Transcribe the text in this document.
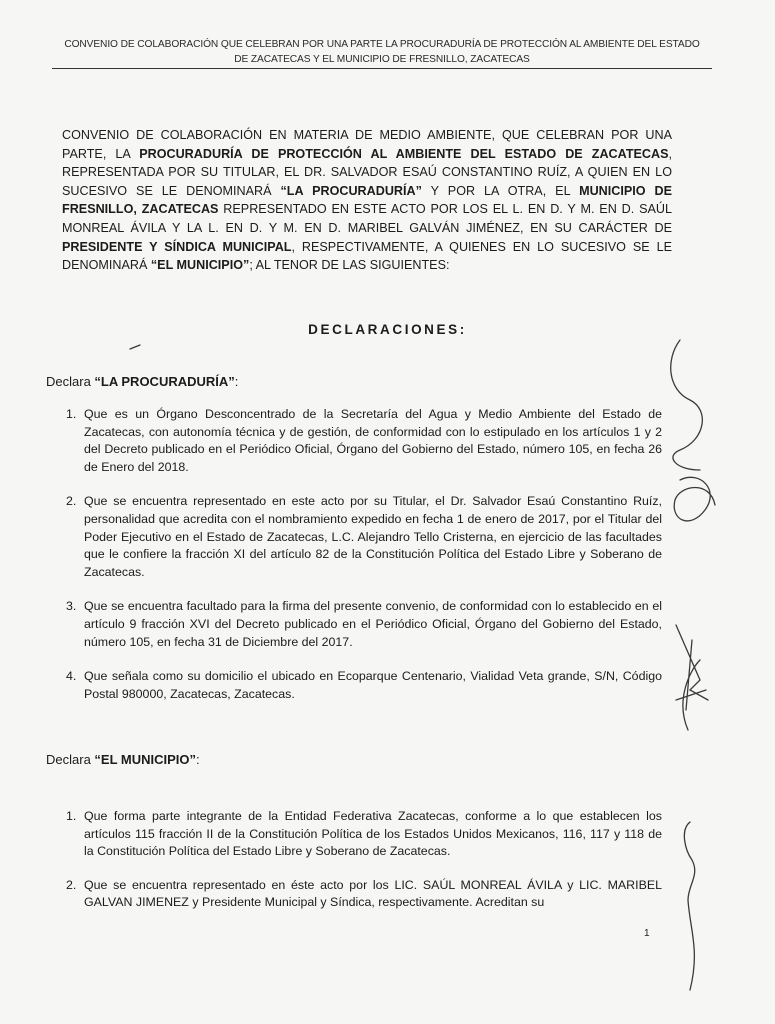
CONVENIO DE COLABORACIÓN QUE CELEBRAN POR UNA PARTE LA PROCURADURÍA DE PROTECCIÓN AL AMBIENTE DEL ESTADO
DE ZACATECAS Y EL MUNICIPIO DE FRESNILLO, ZACATECAS
CONVENIO DE COLABORACIÓN EN MATERIA DE MEDIO AMBIENTE, QUE CELEBRAN POR UNA PARTE, LA PROCURADURÍA DE PROTECCIÓN AL AMBIENTE DEL ESTADO DE ZACATECAS, REPRESENTADA POR SU TITULAR, EL DR. SALVADOR ESAÚ CONSTANTINO RUÍZ, A QUIEN EN LO SUCESIVO SE LE DENOMINARÁ “LA PROCURADURÍA” Y POR LA OTRA, EL MUNICIPIO DE FRESNILLO, ZACATECAS REPRESENTADO EN ESTE ACTO POR LOS EL L. EN D. Y M. EN D. SAÚL MONREAL ÁVILA Y LA L. EN D. Y M. EN D. MARIBEL GALVÁN JIMÉNEZ, EN SU CARÁCTER DE PRESIDENTE Y SÍNDICA MUNICIPAL, RESPECTIVAMENTE, A QUIENES EN LO SUCESIVO SE LE DENOMINARÁ “EL MUNICIPIO”; AL TENOR DE LAS SIGUIENTES:
DECLARACIONES:
Declara “LA PROCURADURÍA”:
1. Que es un Órgano Desconcentrado de la Secretaría del Agua y Medio Ambiente del Estado de Zacatecas, con autonomía técnica y de gestión, de conformidad con lo estipulado en los artículos 1 y 2 del Decreto publicado en el Periódico Oficial, Órgano del Gobierno del Estado, número 105, en fecha 26 de Enero del 2018.
2. Que se encuentra representado en este acto por su Titular, el Dr. Salvador Esaú Constantino Ruíz, personalidad que acredita con el nombramiento expedido en fecha 1 de enero de 2017, por el Titular del Poder Ejecutivo en el Estado de Zacatecas, L.C. Alejandro Tello Cristerna, en ejercicio de las facultades que le confiere la fracción XI del artículo 82 de la Constitución Política del Estado Libre y Soberano de Zacatecas.
3. Que se encuentra facultado para la firma del presente convenio, de conformidad con lo establecido en el artículo 9 fracción XVI del Decreto publicado en el Periódico Oficial, Órgano del Gobierno del Estado, número 105, en fecha 31 de Diciembre del 2017.
4. Que señala como su domicilio el ubicado en Ecoparque Centenario, Vialidad Veta grande, S/N, Código Postal 980000, Zacatecas, Zacatecas.
Declara “EL MUNICIPIO”:
1. Que forma parte integrante de la Entidad Federativa Zacatecas, conforme a lo que establecen los artículos 115 fracción II de la Constitución Política de los Estados Unidos Mexicanos, 116, 117 y 118 de la Constitución Política del Estado Libre y Soberano de Zacatecas.
2. Que se encuentra representado en éste acto por los LIC. SAÚL MONREAL ÁVILA y LIC. MARIBEL GALVAN JIMENEZ y Presidente Municipal y Síndica, respectivamente. Acreditan su
1
